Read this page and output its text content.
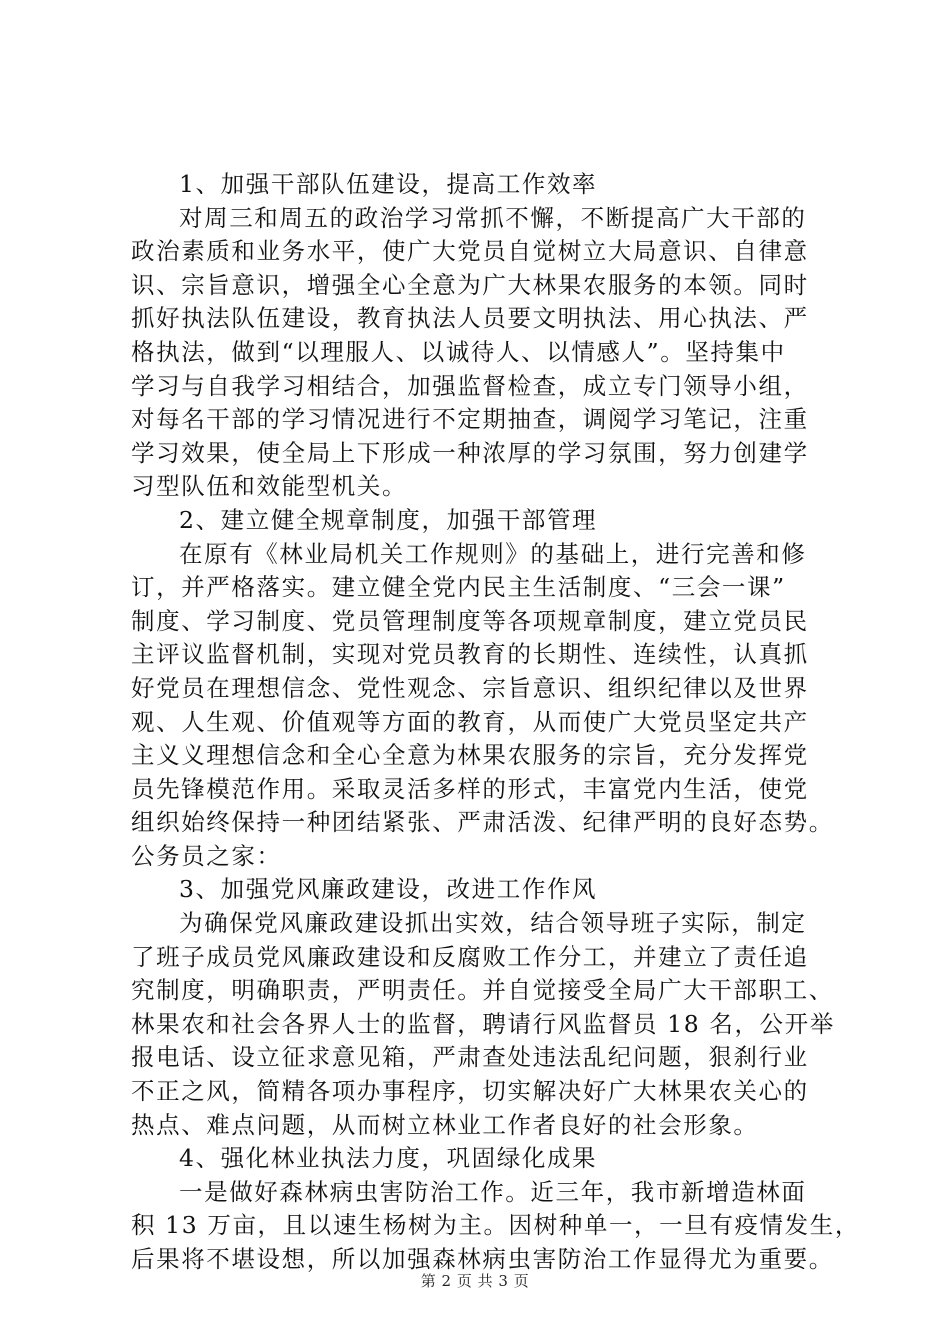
1、加强干部队伍建设，提高工作效率
对周三和周五的政治学习常抓不懈，不断提高广大干部的
政治素质和业务水平，使广大党员自觉树立大局意识、自律意
识、宗旨意识，增强全心全意为广大林果农服务的本领。同时
抓好执法队伍建设，教育执法人员要文明执法、用心执法、严
格执法，做到“以理服人、以诚待人、以情感人”。坚持集中
学习与自我学习相结合，加强监督检查，成立专门领导小组，
对每名干部的学习情况进行不定期抽查，调阅学习笔记，注重
学习效果，使全局上下形成一种浓厚的学习氛围，努力创建学
习型队伍和效能型机关。
2、建立健全规章制度，加强干部管理
在原有《林业局机关工作规则》的基础上，进行完善和修
订，并严格落实。建立健全党内民主生活制度、“三会一课”
制度、学习制度、党员管理制度等各项规章制度，建立党员民
主评议监督机制，实现对党员教育的长期性、连续性，认真抓
好党员在理想信念、党性观念、宗旨意识、组织纪律以及世界
观、人生观、价值观等方面的教育，从而使广大党员坚定共产
主义义理想信念和全心全意为林果农服务的宗旨，充分发挥党
员先锋模范作用。采取灵活多样的形式，丰富党内生活，使党
组织始终保持一种团结紧张、严肃活泼、纪律严明的良好态势。
公务员之家：
3、加强党风廉政建设，改进工作作风
为确保党风廉政建设抓出实效，结合领导班子实际，制定
了班子成员党风廉政建设和反腐败工作分工，并建立了责任追
究制度，明确职责，严明责任。并自觉接受全局广大干部职工、
林果农和社会各界人士的监督，聘请行风监督员 18 名，公开举
报电话、设立征求意见箱，严肃查处违法乱纪问题，狠刹行业
不正之风，简精各项办事程序，切实解决好广大林果农关心的
热点、难点问题，从而树立林业工作者良好的社会形象。
4、强化林业执法力度，巩固绿化成果
一是做好森林病虫害防治工作。近三年，我市新增造林面
积 13 万亩，且以速生杨树为主。因树种单一，一旦有疫情发生，
后果将不堪设想，所以加强森林病虫害防治工作显得尤为重要。
第 2 页 共 3 页
